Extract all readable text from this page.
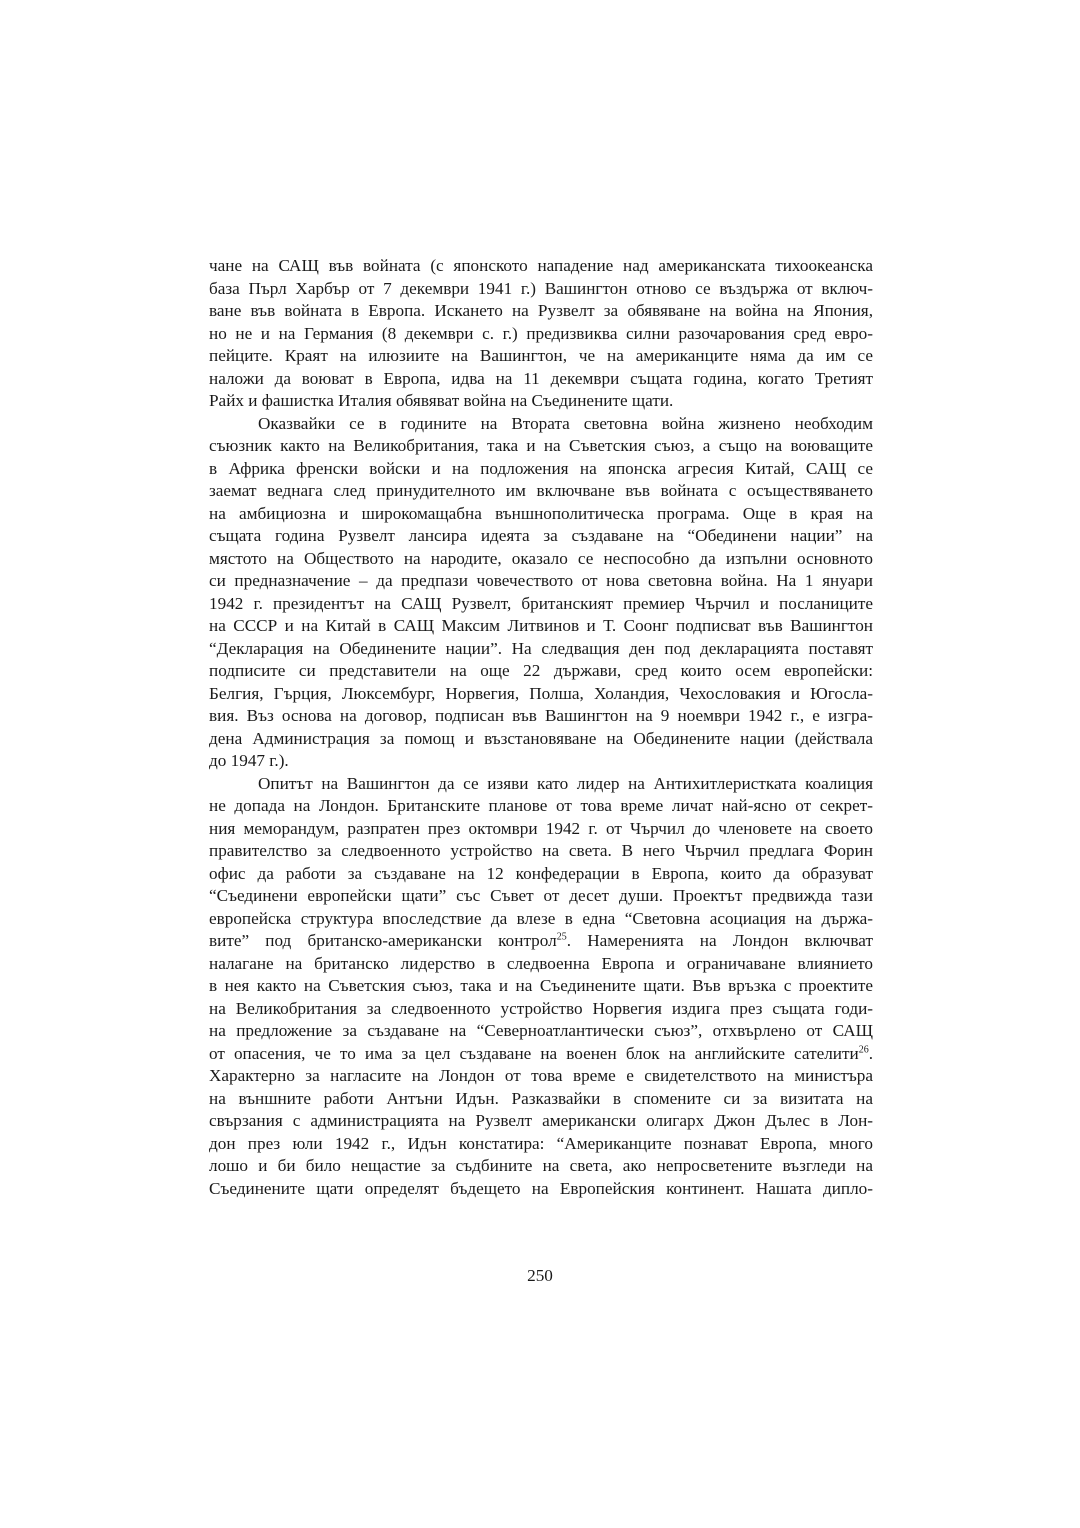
чане на САЩ във войната (с японското нападение над американската тихоокеанска
база Пърл Харбър от 7 декември 1941 г.) Вашингтон отново се въздържа от включ-
ване във войната в Европа. Искането на Рузвелт за обявяване на война на Япония,
но не и на Германия (8 декември с. г.) предизвиква силни разочарования сред евро-
пейците. Краят на илюзиите на Вашингтон, че на американците няма да им се
наложи да воюват в Европа, идва на 11 декември същата година, когато Третият
Райх и фашистка Италия обявяват война на Съединените щати.
Оказвайки се в годините на Втората световна война жизнено необходим
съюзник както на Великобритания, така и на Съветския съюз, а също на воюващите
в Африка френски войски и на подложения на японска агресия Китай, САЩ се
заемат веднага след принудителното им включване във войната с осъществяването
на амбициозна и широкомащабна външнополитическа програма. Още в края на
същата година Рузвелт лансира идеята за създаване на “Обединени нации” на
мястото на Обществото на народите, оказало се неспособно да изпълни основното
си предназначение – да предпази човечеството от нова световна война. На 1 януари
1942 г. президентът на САЩ Рузвелт, британският премиер Чърчил и посланиците
на СССР и на Китай в САЩ Максим Литвинов и Т. Соонг подписват във Вашингтон
“Декларация на Обединените нации”. На следващия ден под декларацията поставят
подписите си представители на още 22 държави, сред които осем европейски:
Белгия, Гърция, Люксембург, Норвегия, Полша, Холандия, Чехословакия и Югосла-
вия. Въз основа на договор, подписан във Вашингтон на 9 ноември 1942 г., е изгра-
дена Администрация за помощ и възстановяване на Обединените нации (действала
до 1947 г.).
Опитът на Вашингтон да се изяви като лидер на Антихитлеристката коалиция
не допада на Лондон. Британските планове от това време личат най-ясно от секрет-
ния меморандум, разпратен през октомври 1942 г. от Чърчил до членовете на своето
правителство за следвоенното устройство на света. В него Чърчил предлага Форин
офис да работи за създаване на 12 конфедерации в Европа, които да образуват
“Съединени европейски щати” със Съвет от десет души. Проектът предвижда тази
европейска структура впоследствие да влезе в една “Световна асоциация на държа-
вите” под британско-американски контрол$^{25}$. Намеренията на Лондон включват
налагане на британско лидерство в следвоенна Европа и ограничаване влиянието
в нея както на Съветския съюз, така и на Съединените щати. Във връзка с проектите
на Великобритания за следвоенното устройство Норвегия издига през същата годи-
на предложение за създаване на “Северноатлантически съюз”, отхвърлено от САЩ
от опасения, че то има за цел създаване на военен блок на английските сателити$^{26}$.
Характерно за нагласите на Лондон от това време е свидетелството на министъра
на външните работи Антъни Идън. Разказвайки в спомените си за визитата на
свързания с администрацията на Рузвелт американски олигарх Джон Дълес в Лон-
дон през юли 1942 г., Идън констатира: “Американците познават Европа, много
лошо и би било нещастие за съдбините на света, ако непросветените възгледи на
Съединените щати определят бъдещето на Европейския континент. Нашата дипло-
250
